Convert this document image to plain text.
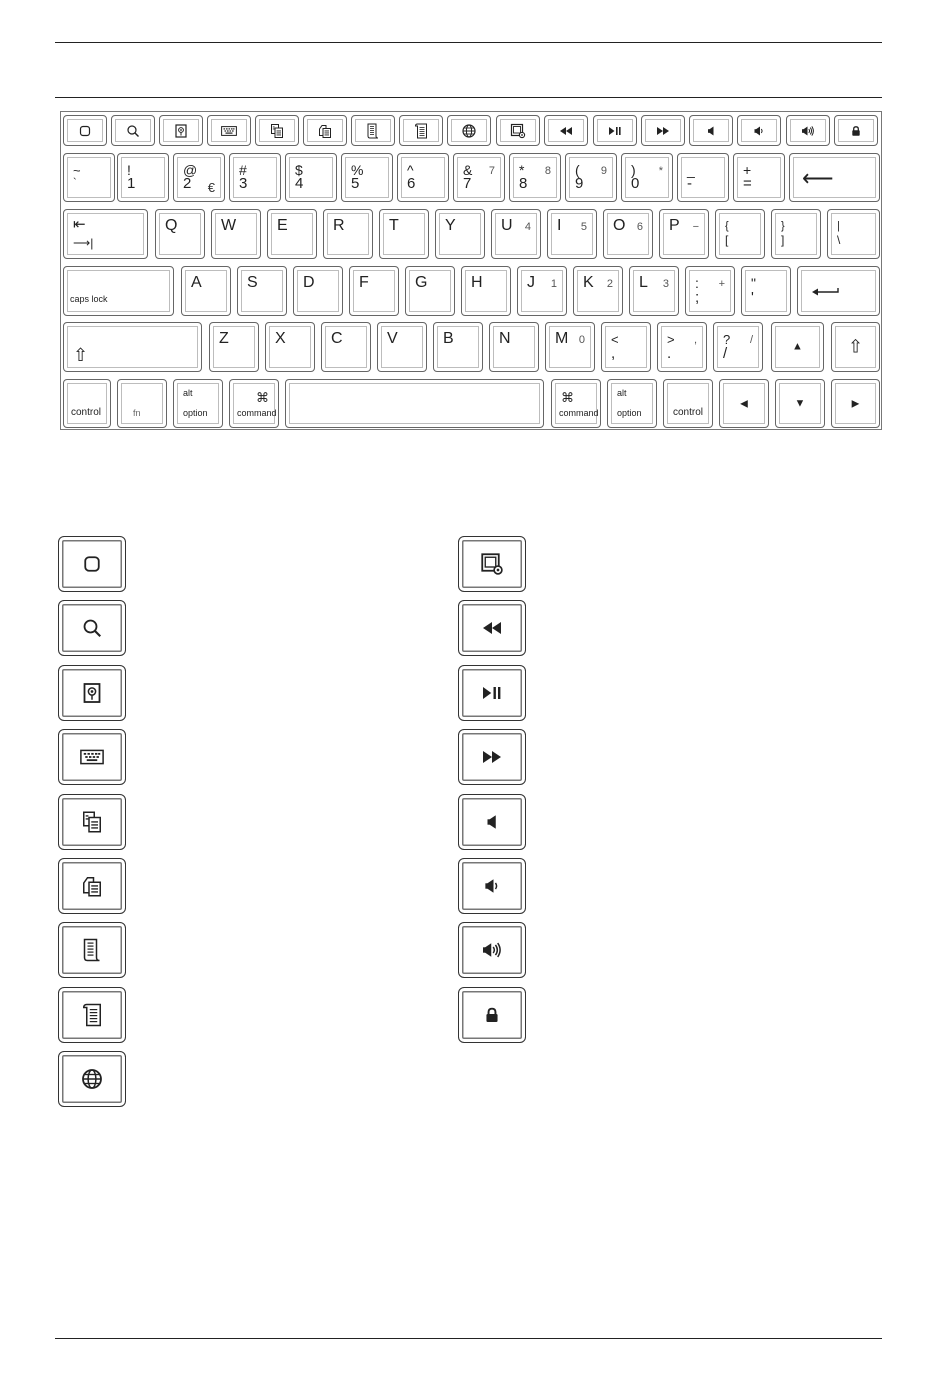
~
`
!
1
@
2 €
#
3
$
4
%
5
^
6
&
7
7 *
8
8 (
9
9 )
0
* _
-
+
= ⟵
⇤
⟶|
Q	W	E	R	T	Y	U 4 I 5 O 6 P − {
[
}
]
|
\
caps lock
A	S	D	F	G	H	J 1 K 2 L 3 :
;
+ "
'
⇧
Z	X	C	V	B	N	M 0 <
,
>
.
, ?
/
/
▲	⇧
control	fn
alt
option
⌘
command
⌘
command
alt
option	control
◀	▼	▶
